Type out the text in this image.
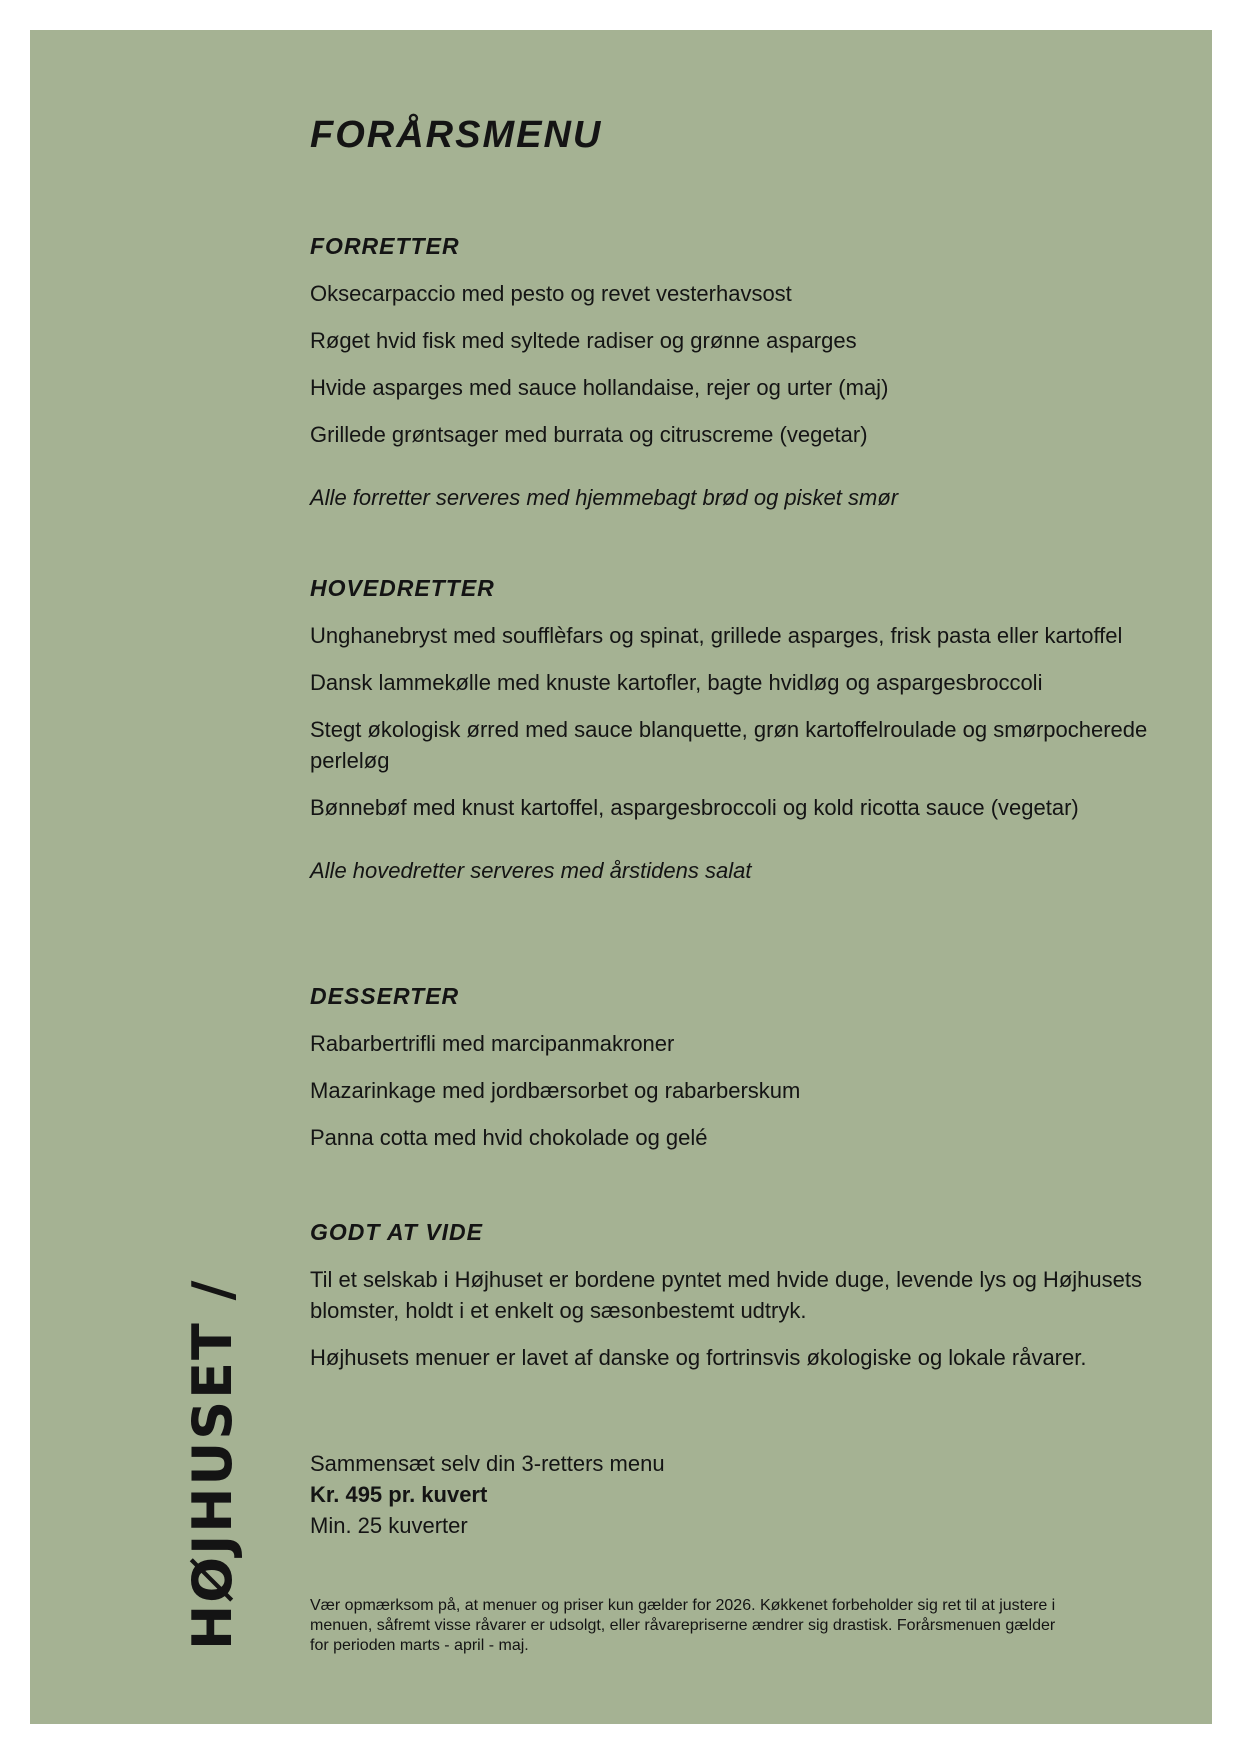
HØJHUSET /
FORÅRSMENU
FORRETTER

Oksecarpaccio med pesto og revet vesterhavsost

Røget hvid fisk med syltede radiser og grønne asparges

Hvide asparges med sauce hollandaise, rejer og urter (maj)

Grillede grøntsager med burrata og citruscreme (vegetar)

Alle forretter serveres med hjemmebagt brød og pisket smør

HOVEDRETTER

Unghanebryst med soufflèfars og spinat, grillede asparges, frisk pasta eller kartoffel

Dansk lammekølle med knuste kartofler, bagte hvidløg og aspargesbroccoli

Stegt økologisk ørred med sauce blanquette, grøn kartoffelroulade og smørpocherede perleløg

Bønnebøf med knust kartoffel, aspargesbroccoli og kold ricotta sauce (vegetar)

Alle hovedretter serveres med årstidens salat

DESSERTER

Rabarbertrifli med marcipanmakroner

Mazarinkage med jordbærsorbet og rabarberskum

Panna cotta med hvid chokolade og gelé

GODT AT VIDE

Til et selskab i Højhuset er bordene pyntet med hvide duge, levende lys og Højhusets blomster, holdt i et enkelt og sæsonbestemt udtryk.

Højhusets menuer er lavet af danske og fortrinsvis økologiske og lokale råvarer.

Sammensæt selv din 3-retters menu

Kr. 495 pr. kuvert

Min. 25 kuverter

Vær opmærksom på, at menuer og priser kun gælder for 2026. Køkkenet forbeholder sig ret til at justere i menuen, såfremt visse råvarer er udsolgt, eller råvarepriserne ændrer sig drastisk. Forårsmenuen gælder for perioden marts - april - maj.
